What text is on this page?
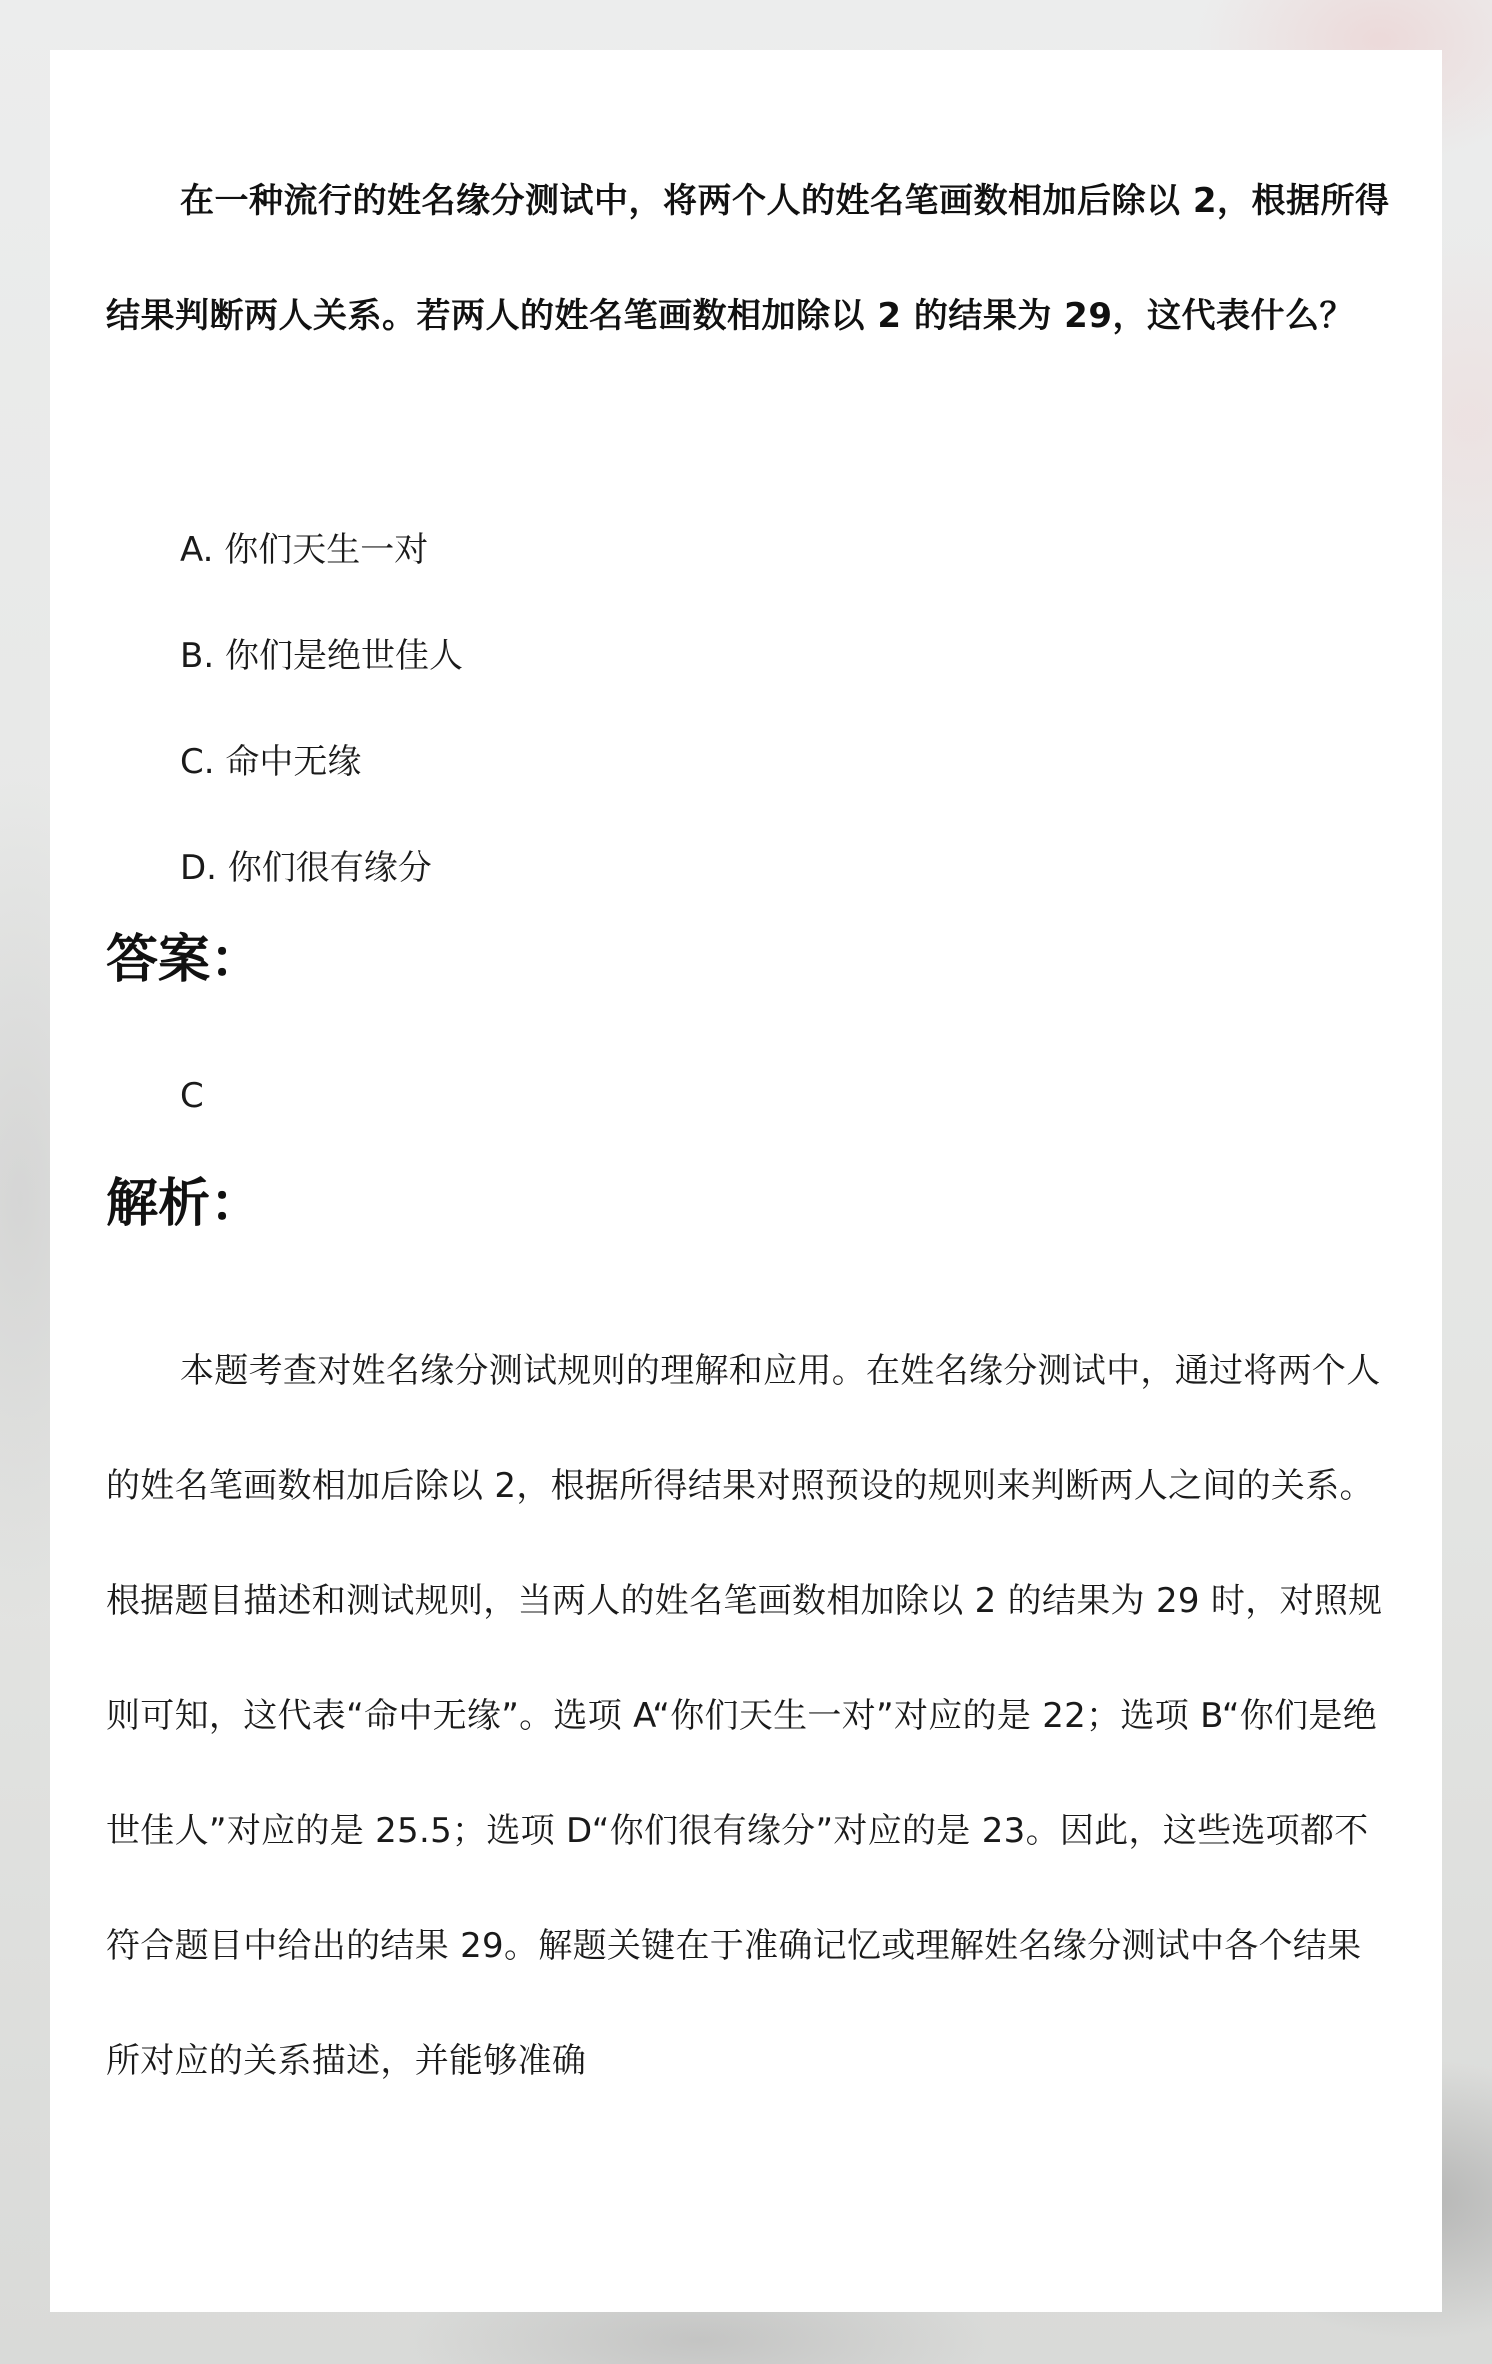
在一种流行的姓名缘分测试中，将两个人的姓名笔画数相加后除以 2，根据所得结果判断两人关系。若两人的姓名笔画数相加除以 2 的结果为 29，这代表什么？

A. 你们天生一对
B. 你们是绝世佳人
C. 命中无缘
D. 你们很有缘分
答案：
C
解析：

本题考查对姓名缘分测试规则的理解和应用。在姓名缘分测试中，通过将两个人的姓名笔画数相加后除以 2，根据所得结果对照预设的规则来判断两人之间的关系。根据题目描述和测试规则，当两人的姓名笔画数相加除以 2 的结果为 29 时，对照规则可知，这代表“命中无缘”。选项 A“你们天生一对”对应的是 22；选项 B“你们是绝世佳人”对应的是 25.5；选项 D“你们很有缘分”对应的是 23。因此，这些选项都不符合题目中给出的结果 29。解题关键在于准确记忆或理解姓名缘分测试中各个结果所对应的关系描述，并能够准确
